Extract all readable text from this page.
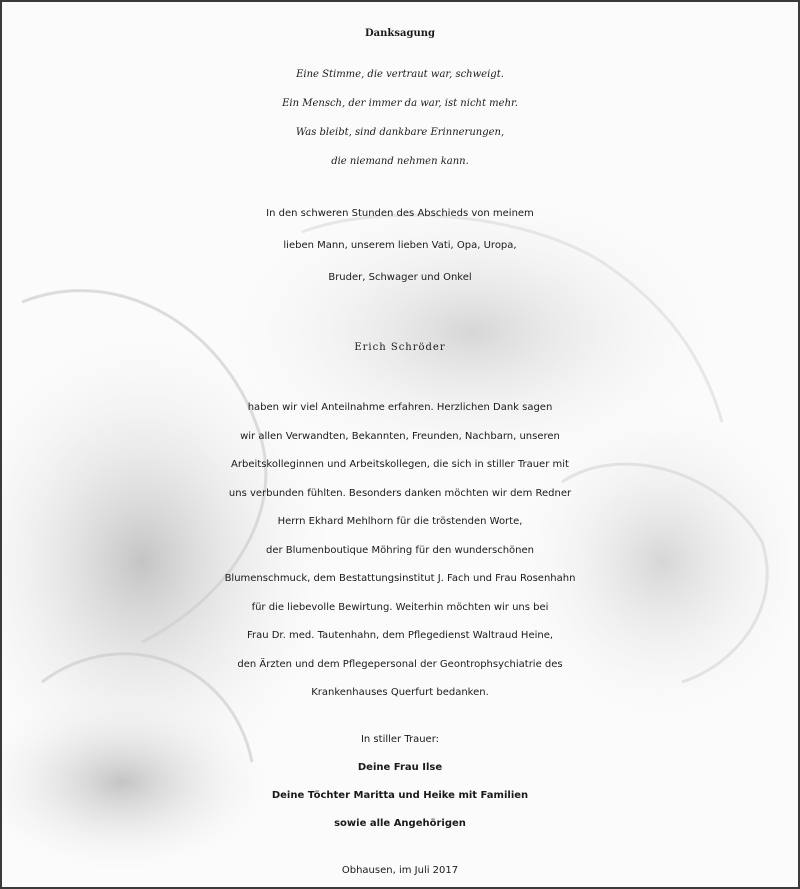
Danksagung
Eine Stimme, die vertraut war, schweigt.
Ein Mensch, der immer da war, ist nicht mehr.
Was bleibt, sind dankbare Erinnerungen,
die niemand nehmen kann.
In den schweren Stunden des Abschieds von meinem
lieben Mann, unserem lieben Vati, Opa, Uropa,
Bruder, Schwager und Onkel
Erich Schröder
haben wir viel Anteilnahme erfahren. Herzlichen Dank sagen
wir allen Verwandten, Bekannten, Freunden, Nachbarn, unseren
Arbeitskolleginnen und Arbeitskollegen, die sich in stiller Trauer mit
uns verbunden fühlten. Besonders danken möchten wir dem Redner
Herrn Ekhard Mehlhorn für die tröstenden Worte,
der Blumenboutique Möhring für den wunderschönen
Blumenschmuck, dem Bestattungsinstitut J. Fach und Frau Rosenhahn
für die liebevolle Bewirtung. Weiterhin möchten wir uns bei
Frau Dr. med. Tautenhahn, dem Pflegedienst Waltraud Heine,
den Ärzten und dem Pflegepersonal der Geontrophsychiatrie des
Krankenhauses Querfurt bedanken.
In stiller Trauer:
Deine Frau Ilse
Deine Töchter Maritta und Heike mit Familien
sowie alle Angehörigen
Obhausen, im Juli 2017
